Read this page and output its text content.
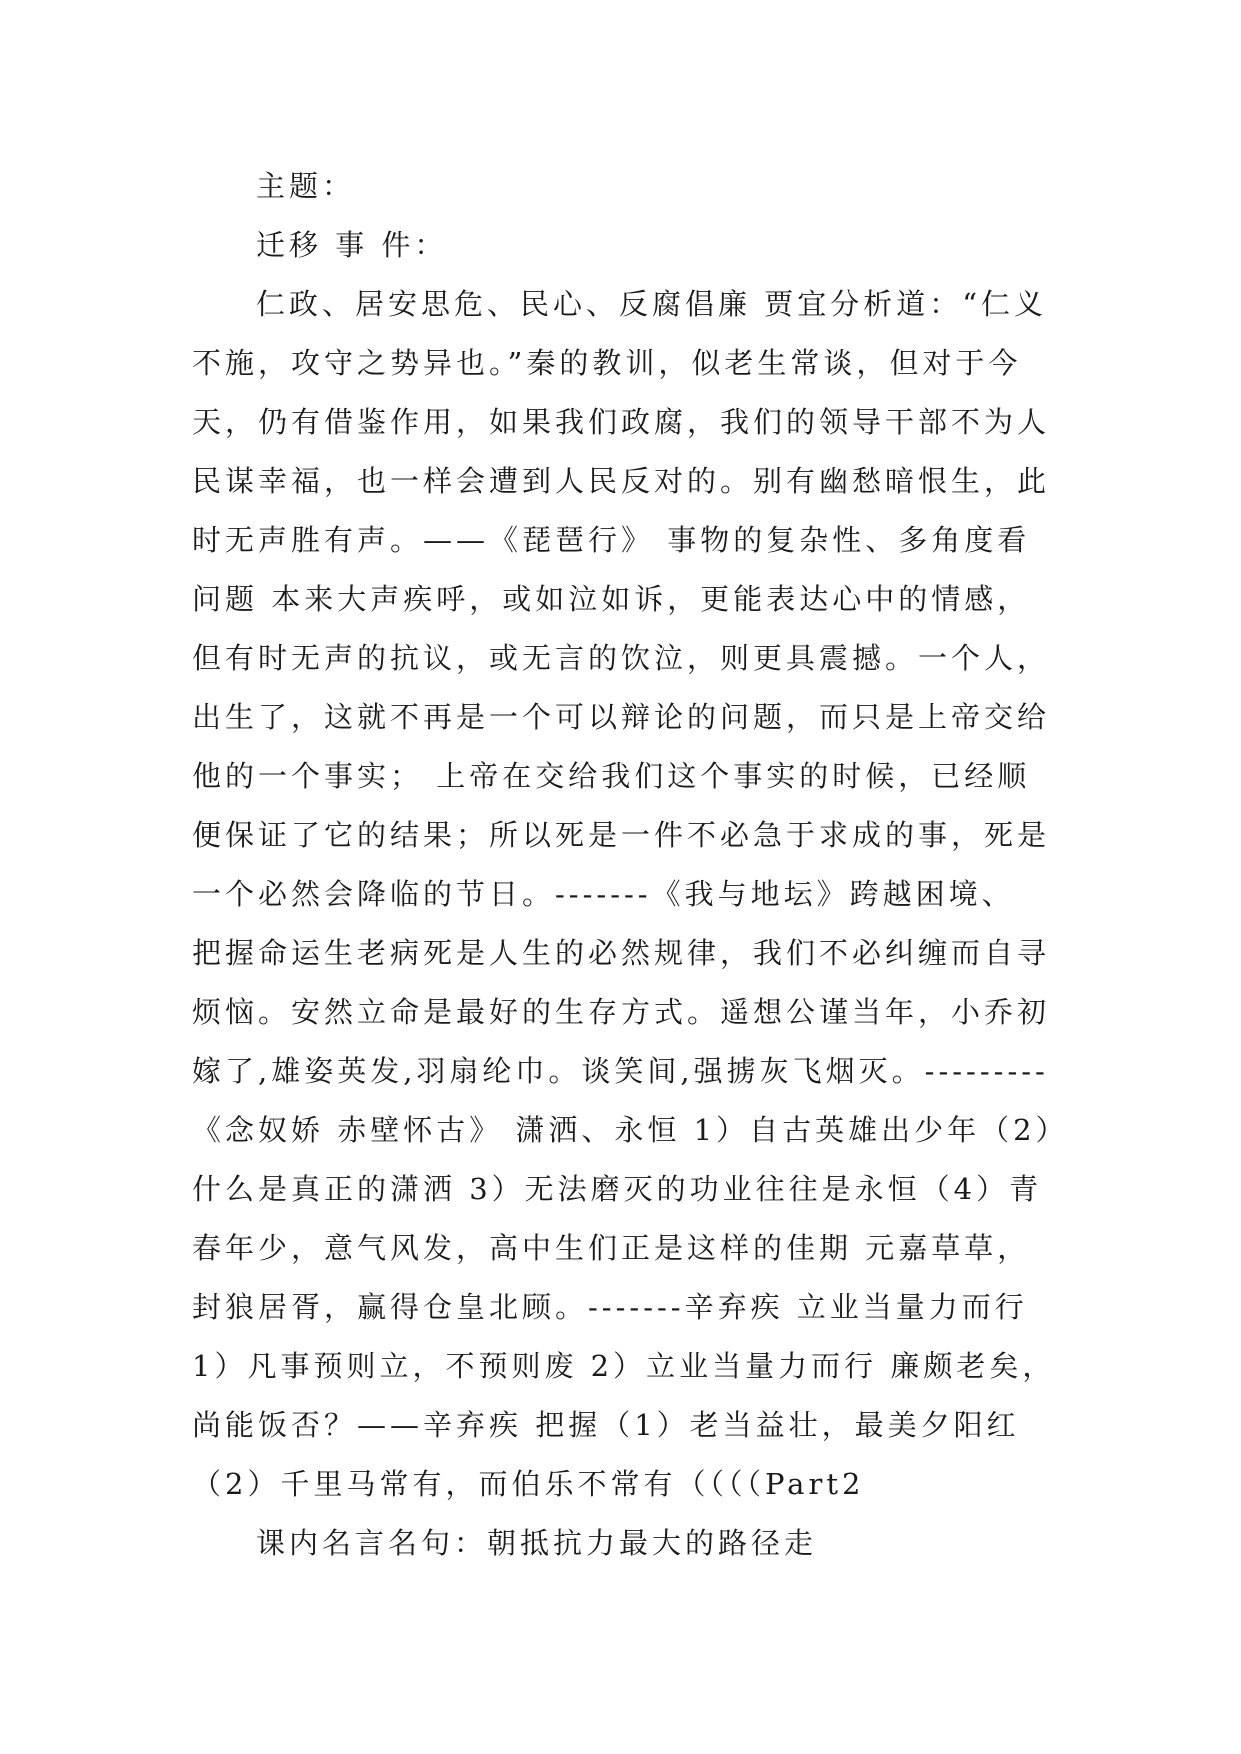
主题：
迁移 事 件：
仁政、居安思危、民心、反腐倡廉 贾宜分析道：“仁义
不施，攻守之势异也。”秦的教训，似老生常谈，但对于今
天，仍有借鉴作用，如果我们政腐，我们的领导干部不为人
民谋幸福，也一样会遭到人民反对的。别有幽愁暗恨生，此
时无声胜有声。——《琵琶行》 事物的复杂性、多角度看
问题 本来大声疾呼，或如泣如诉，更能表达心中的情感，
但有时无声的抗议，或无言的饮泣，则更具震撼。一个人，
出生了，这就不再是一个可以辩论的问题，而只是上帝交给
他的一个事实； 上帝在交给我们这个事实的时候，已经顺
便保证了它的结果；所以死是一件不必急于求成的事，死是
一个必然会降临的节日。-------《我与地坛》跨越困境、
把握命运生老病死是人生的必然规律，我们不必纠缠而自寻
烦恼。安然立命是最好的生存方式。遥想公谨当年，小乔初
嫁了,雄姿英发,羽扇纶巾。谈笑间,强掳灰飞烟灭。---------
《念奴娇 赤壁怀古》 潇洒、永恒 1）自古英雄出少年（2）
什么是真正的潇洒 3）无法磨灭的功业往往是永恒（4）青
春年少，意气风发，高中生们正是这样的佳期 元嘉草草，
封狼居胥，赢得仓皇北顾。-------辛弃疾 立业当量力而行
1）凡事预则立，不预则废 2）立业当量力而行 廉颇老矣，
尚能饭否？——辛弃疾 把握（1）老当益壮，最美夕阳红
（2）千里马常有，而伯乐不常有（（（（Part2
课内名言名句：朝抵抗力最大的路径走
